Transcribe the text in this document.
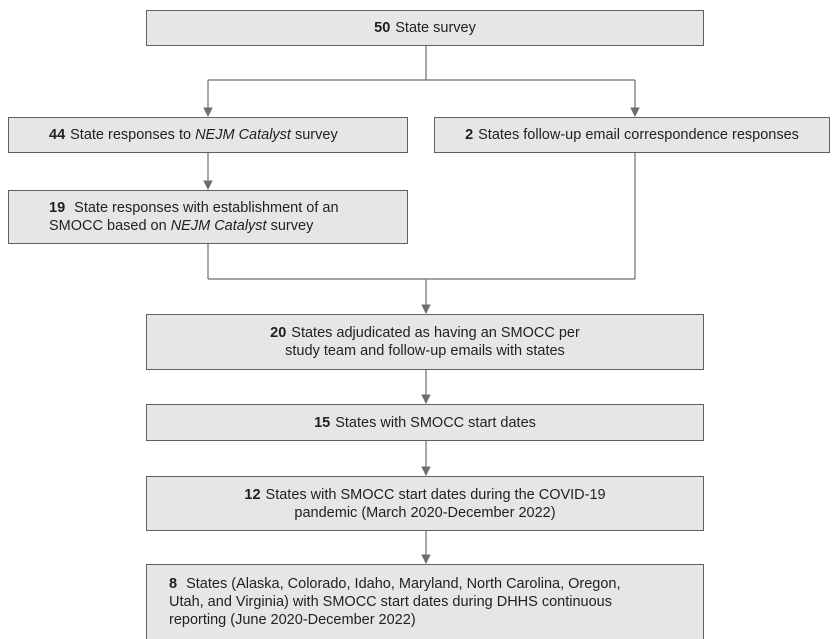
50 State survey
44 State responses to NEJM Catalyst survey	2 States follow-up email correspondence responses
19 State responses with establishment of an
SMOCC based on NEJM Catalyst survey
20 States adjudicated as having an SMOCC per
study team and follow-up emails with states
15 States with SMOCC start dates
12 States with SMOCC start dates during the COVID-19
pandemic (March 2020-December 2022)
8 States (Alaska, Colorado, Idaho, Maryland, North Carolina, Oregon,
Utah, and Virginia) with SMOCC start dates during DHHS continuous
reporting (June 2020-December 2022)
